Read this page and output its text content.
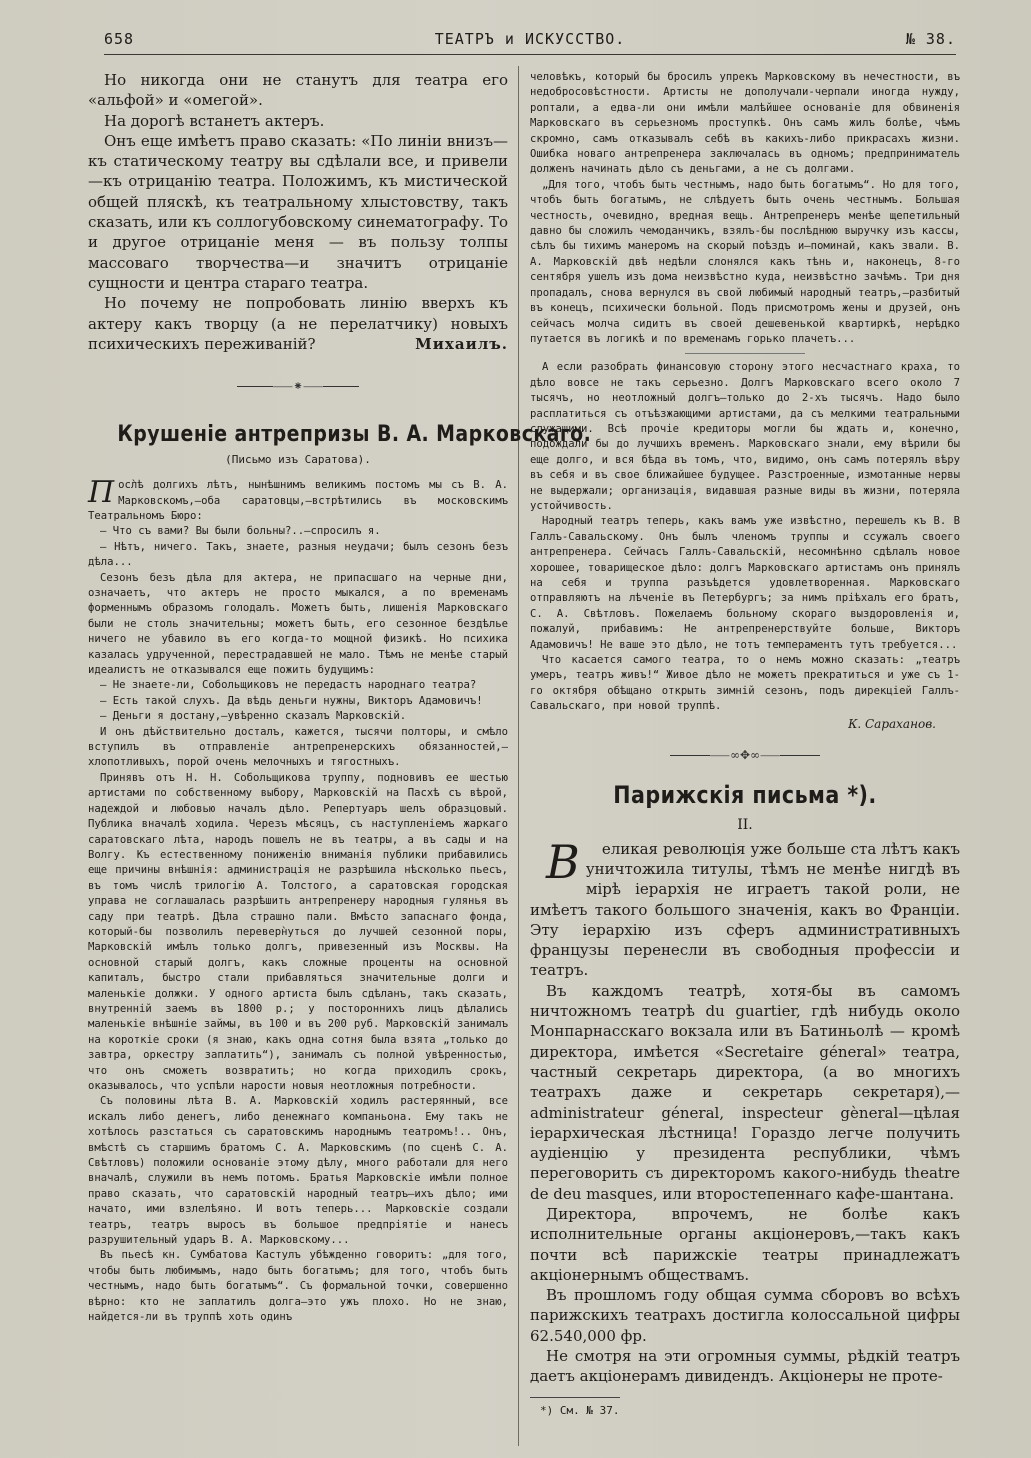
658	ТЕАТРЪ и ИСКУССТВО.	№ 38.

Но никогда они не станутъ для театра его «альфой» и «омегой».

На дорогѣ встанетъ актеръ.

Онъ еще имѣетъ право сказать: «По линіи внизъ—къ статическому театру вы сдѣлали все, и привели—къ отрицанію театра. Положимъ, къ мистической общей пляскѣ, къ театральному хлыстовству, такъ сказать, или къ соллогубовскому синематографу. То и другое отрицаніе меня — въ пользу толпы массоваго творчества—и значитъ отрицаніе сущности и центра стараго театра.

Но почему не попробовать линію вверхъ къ актеру какъ творцу (а не перелатчику) новыхъ психическихъ переживаній?	Михаилъ.

⸺⁕⸺
Крушеніе антрепризы В. А. Марковскаго.
(Письмо изъ Саратова).

Посл̀ѣ долгихъ лѣтъ, нынѣшнимъ великимъ постомъ мы съ В. А. Марковскомъ,—оба саратовцы,—встрѣтились въ московскимъ Театральномъ Бюро:

— Что съ вами? Вы были больны?..—спросилъ я.

— Нѣтъ, ничего. Такъ, знаете, разныя неудачи; былъ сезонъ безъ дѣла...

Сезонъ безъ дѣла для актера, не припасшаго на черные дни, означаетъ, что актеръ не просто мыкался, а по временамъ форменнымъ образомъ голодалъ. Можетъ быть, лишенія Марковскаго были не столь значительны; можетъ быть, его сезонное бездѣлье ничего не убавило въ его когда-то мощной физикѣ. Но психика казалась удрученной, перестрадавшей не мало. Тѣмъ не менѣе старый идеалистъ не отказывался еще пожить будущимъ:

— Не знаете-ли, Собольщиковъ не передастъ народнаго театра?

— Есть такой слухъ. Да вѣдь деньги нужны, Викторъ Адамовичъ!

— Деньги я достану,—увѣренно сказалъ Марковскій.

И онъ дѣйствительно досталъ, кажется, тысячи полторы, и смѣло вступилъ въ отправленіе антрепренерскихъ обязанностей,—хлопотливыхъ, порой очень мелочныхъ и тягостныхъ.

Принявъ отъ Н. Н. Собольщикова труппу, подновивъ ее шестью артистами по собственному выбору, Марковскій на Пасхѣ съ вѣрой, надеждой и любовью началъ дѣло. Репертуаръ шелъ образцовый. Публика вначалѣ ходила. Черезъ мѣсяцъ, съ наступленіемъ жаркаго саратовскаго лѣта, народъ пошелъ не въ театры, а въ сады и на Волгу. Къ естественному пониженію вниманія публики прибавились еще причины внѣшнія: администрація не разрѣшила нѣсколько пьесъ, въ томъ числѣ трилогію А. Толстого, а саратовская городская управа не соглашалась разрѣшить антрепренеру народныя гулянья въ саду при театрѣ. Дѣла страшно пали. Вмѣсто запаснаго фонда, который-бы позволилъ переверн̀уться до лучшей сезонной поры, Марковскій имѣлъ только долгъ, привезенный изъ Москвы. На основной старый долгъ, какъ сложные проценты на основной капиталъ, быстро стали прибавляться значительные долги и маленькіе должки. У одного артиста былъ сдѣланъ, такъ сказать, внутренній заемъ въ 1800 р.; у постороннихъ лицъ дѣлались маленькіе внѣшніе займы, въ 100 и въ 200 руб. Марковскій занималъ на короткіе сроки (я знаю, какъ одна сотня была взята „только до завтра, оркестру заплатить“), занималъ съ полной увѣренностью, что онъ сможетъ возвратить; но когда приходилъ срокъ, оказывалось, что успѣли нарости новыя неотложныя потребности.

Съ половины лѣта В. А. Марковскій ходилъ растерянный, все искалъ либо денегъ, либо денежнаго компаньона. Ему такъ не хотѣлось разстаться съ саратовскимъ народнымъ театромъ!.. Онъ, вмѣстѣ съ старшимъ братомъ С. А. Марковскимъ (по сценѣ С. А. Свѣтловъ) положили основаніе этому дѣлу, много работали для него вначалѣ, служили въ немъ потомъ. Братья Марковскіе имѣли полное право сказать, что саратовскій народный театръ—ихъ дѣло; ими начато, ими взлелѣяно. И вотъ теперь... Марковскіе создали театръ, театръ выросъ въ большое предпріятіе и нанесъ разрушительный ударъ В. А. Марковскому...

Въ пьесѣ кн. Сумбатова Кастулъ убѣжденно говоритъ: „для того, чтобы быть любимымъ, надо быть богатымъ; для того, чтобъ быть честнымъ, надо быть богатымъ“. Съ формальной точки, совершенно вѣрно: кто не заплатилъ долга—это ужъ плохо. Но не знаю, найдется-ли въ труппѣ хоть одинъ

человѣкъ, который бы бросилъ упрекъ Марковскому въ нечестности, въ недобросовѣстности. Артисты не дополучали-черпали иногда нужду, роптали, а едва-ли они имѣли малѣйшее основаніе для обвиненія Марковскаго въ серьезномъ проступкѣ. Онъ самъ жилъ болѣе, чѣмъ скромно, самъ отказывалъ себѣ въ какихъ-либо прикрасахъ жизни. Ошибка новаго антрепренера заключалась въ одномъ; предприниматель долженъ начинать дѣло съ деньгами, а не съ долгами.

„Для того, чтобъ быть честнымъ, надо быть богатымъ“. Но для того, чтобъ быть богатымъ, не слѣдуетъ быть очень честнымъ. Большая честность, очевидно, вредная вещь. Антрепренеръ менѣе щепетильный давно бы сложилъ чемоданчикъ, взялъ-бы послѣднюю выручку изъ кассы, сѣлъ бы тихимъ манеромъ на скорый поѣздъ и—поминай, какъ звали. В. А. Марковскій двѣ недѣли слонялся какъ тѣнь и, наконецъ, 8-го сентября ушелъ изъ дома неизвѣстно куда, неизвѣстно зачѣмъ. Три дня пропадалъ, снова вернулся въ свой любимый народный театръ,—разбитый въ конецъ, психически больной. Подъ присмотромъ жены и друзей, онъ сейчасъ молча сидитъ въ своей дешевенькой квартиркѣ, нерѣдко путается въ логикѣ и по временамъ горько плачетъ...

А если разобрать финансовую сторону этого несчастнаго краха, то дѣло вовсе не такъ серьезно. Долгъ Марковскаго всего около 7 тысячъ, но неотложный долгъ—только до 2-хъ тысячъ. Надо было расплатиться съ отъѣзжающими артистами, да съ мелкими театральными служащими. Всѣ прочіе кредиторы могли бы ждать и, конечно, подождали бы до лучшихъ временъ. Марковскаго знали, ему вѣрили бы еще долго, и вся бѣда въ томъ, что, видимо, онъ самъ потерялъ вѣру въ себя и въ свое ближайшее будущее. Разстроенные, измотанные нервы не выдержали; организація, видавшая разные виды въ жизни, потеряла устойчивость.

Народный театръ теперь, какъ вамъ уже извѣстно, перешелъ къ В. В Галлъ-Савальскому. Онъ былъ членомъ труппы и ссужалъ своего антрепренера. Сейчасъ Галлъ-Савальскій, несомнѣнно сдѣлалъ новое хорошее, товарищеское дѣло: долгъ Марковскаго артистамъ онъ принялъ на себя и труппа разъѣдется удовлетворенная. Марковскаго отправляютъ на лѣченіе въ Петербургъ; за нимъ пріѣхалъ его братъ, С. А. Свѣтловъ. Пожелаемъ больному скораго выздоровленія и, пожалуй, прибавимъ: Не антрепренерствуйте больше, Викторъ Адамовичъ! Не ваше это дѣло, не тотъ темпераментъ тутъ требуется...

Что касается самого театра, то о немъ можно сказать: „театръ умеръ, театръ живъ!“ Живое дѣло не можетъ прекратиться и уже съ 1-го октября обѣщано открыть зимній сезонъ, подъ дирекціей Галлъ-Савальскаго, при новой труппѣ.

К. Сараханов.
⸺∞✥∞⸺
Парижскія письма *).
II.

В еликая революція уже больше ста лѣтъ какъ уничтожила титулы, тѣмъ не менѣе нигдѣ въ мірѣ іерархія не играетъ такой роли, не имѣетъ такого большого значенія, какъ во Франціи. Эту іерархію изъ сферъ административныхъ французы перенесли въ свободныя профессіи и театръ.

Въ каждомъ театрѣ, хотя-бы въ самомъ ничтожномъ театрѣ du guartier, гдѣ нибудь около Монпарнасскаго вокзала или въ Батиньолѣ — кромѣ директора, имѣется «Secretaire géneral» театра, частный секретарь директора, (а во многихъ театрахъ даже и секретарь секретаря),—administrateur géneral, inspecteur gèneral—цѣлая іерархическая лѣстница! Гораздо легче получить аудіенцію у президента республики, чѣмъ переговорить съ директоромъ какого-нибудь theatre de deu masques, или второстепеннаго кафе-шантана.

Директора, впрочемъ, не болѣе какъ исполнительные органы акціонеровъ,—такъ какъ почти всѣ парижскіе театры принадлежатъ акціонернымъ обществамъ.

Въ прошломъ году общая сумма сборовъ во всѣхъ парижскихъ театрахъ достигла колоссальной цифры 62.540,000 фр.

Не смотря на эти огромныя суммы, рѣдкій театръ даетъ акціонерамъ дивидендъ. Акціонеры не проте-

*) См. № 37.
